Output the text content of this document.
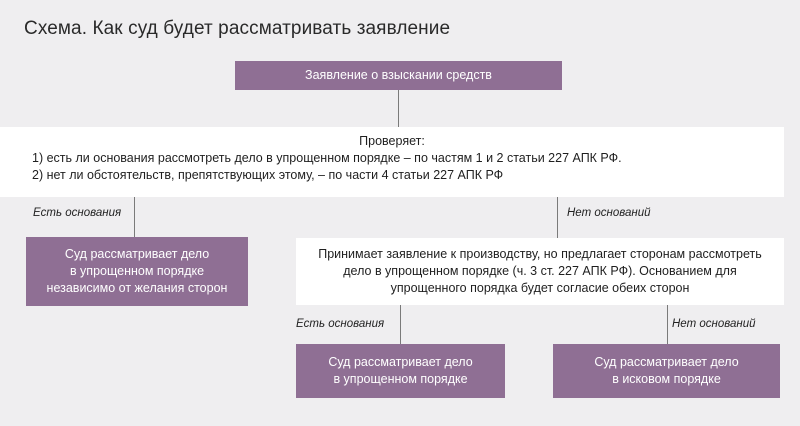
Схема. Как суд будет рассматривать заявление
Заявление о взыскании средств
Проверяет:
1) есть ли основания рассмотреть дело в упрощенном порядке – по частям 1 и 2 статьи 227 АПК РФ.
2) нет ли обстоятельств, препятствующих этому, – по части 4 статьи 227 АПК РФ
Есть основания	Нет оснований
Суд рассматривает дело
в упрощенном порядке
независимо от желания сторон
Принимает заявление к производству, но предлагает сторонам рассмотреть
дело в упрощенном порядке (ч. 3 ст. 227 АПК РФ). Основанием для
упрощенного порядка будет согласие обеих сторон
Есть основания	Нет оснований
Суд рассматривает дело
в упрощенном порядке
Суд рассматривает дело
в исковом порядке
